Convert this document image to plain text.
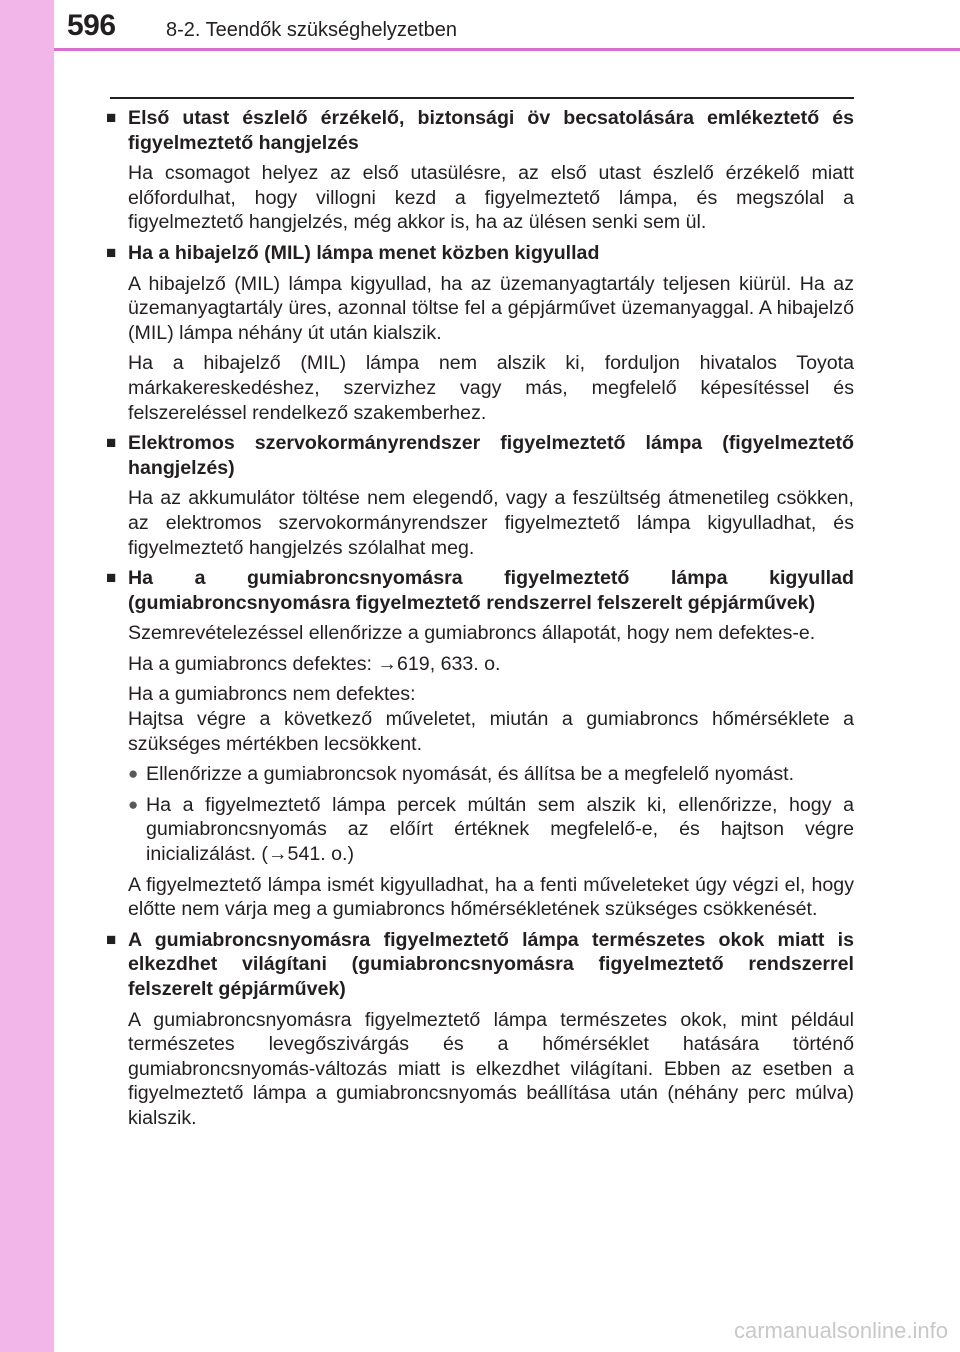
596	8-2. Teendők szükséghelyzetben
■ Első utast észlelő érzékelő, biztonsági öv becsatolására emlékeztető és figyelmeztető hangjelzés

Ha csomagot helyez az első utasülésre, az első utast észlelő érzékelő miatt előfordulhat, hogy villogni kezd a figyelmeztető lámpa, és megszólal a figyelmeztető hangjelzés, még akkor is, ha az ülésen senki sem ül.

■ Ha a hibajelző (MIL) lámpa menet közben kigyullad

A hibajelző (MIL) lámpa kigyullad, ha az üzemanyagtartály teljesen kiürül. Ha az üzemanyagtartály üres, azonnal töltse fel a gépjárművet üzemanyaggal. A hibajelző (MIL) lámpa néhány út után kialszik.

Ha a hibajelző (MIL) lámpa nem alszik ki, forduljon hivatalos Toyota márkakereskedéshez, szervizhez vagy más, megfelelő képesítéssel és felszereléssel rendelkező szakemberhez.

■ Elektromos szervokormányrendszer figyelmeztető lámpa (figyelmeztető hangjelzés)

Ha az akkumulátor töltése nem elegendő, vagy a feszültség átmenetileg csökken, az elektromos szervokormányrendszer figyelmeztető lámpa kigyulladhat, és figyelmeztető hangjelzés szólalhat meg.

■ Ha a gumiabroncsnyomásra figyelmeztető lámpa kigyullad (gumiabroncsnyomásra figyelmeztető rendszerrel felszerelt gépjárművek)

Szemrevételezéssel ellenőrizze a gumiabroncs állapotát, hogy nem defektes-e.

Ha a gumiabroncs defektes: →619, 633. o.

Ha a gumiabroncs nem defektes:
Hajtsa végre a következő műveletet, miután a gumiabroncs hőmérséklete a szükséges mértékben lecsökkent.

● Ellenőrizze a gumiabroncsok nyomását, és állítsa be a megfelelő nyomást.
● Ha a figyelmeztető lámpa percek múltán sem alszik ki, ellenőrizze, hogy a gumiabroncsnyomás az előírt értéknek megfelelő-e, és hajtson végre inicializálást. (→541. o.)

A figyelmeztető lámpa ismét kigyulladhat, ha a fenti műveleteket úgy végzi el, hogy előtte nem várja meg a gumiabroncs hőmérsékletének szükséges csökkenését.

■ A gumiabroncsnyomásra figyelmeztető lámpa természetes okok miatt is elkezdhet világítani (gumiabroncsnyomásra figyelmeztető rendszerrel felszerelt gépjárművek)

A gumiabroncsnyomásra figyelmeztető lámpa természetes okok, mint például természetes levegőszivárgás és a hőmérséklet hatására történő gumiabroncsnyomás-változás miatt is elkezdhet világítani. Ebben az esetben a figyelmeztető lámpa a gumiabroncsnyomás beállítása után (néhány perc múlva) kialszik.

carmanualsonline.info
